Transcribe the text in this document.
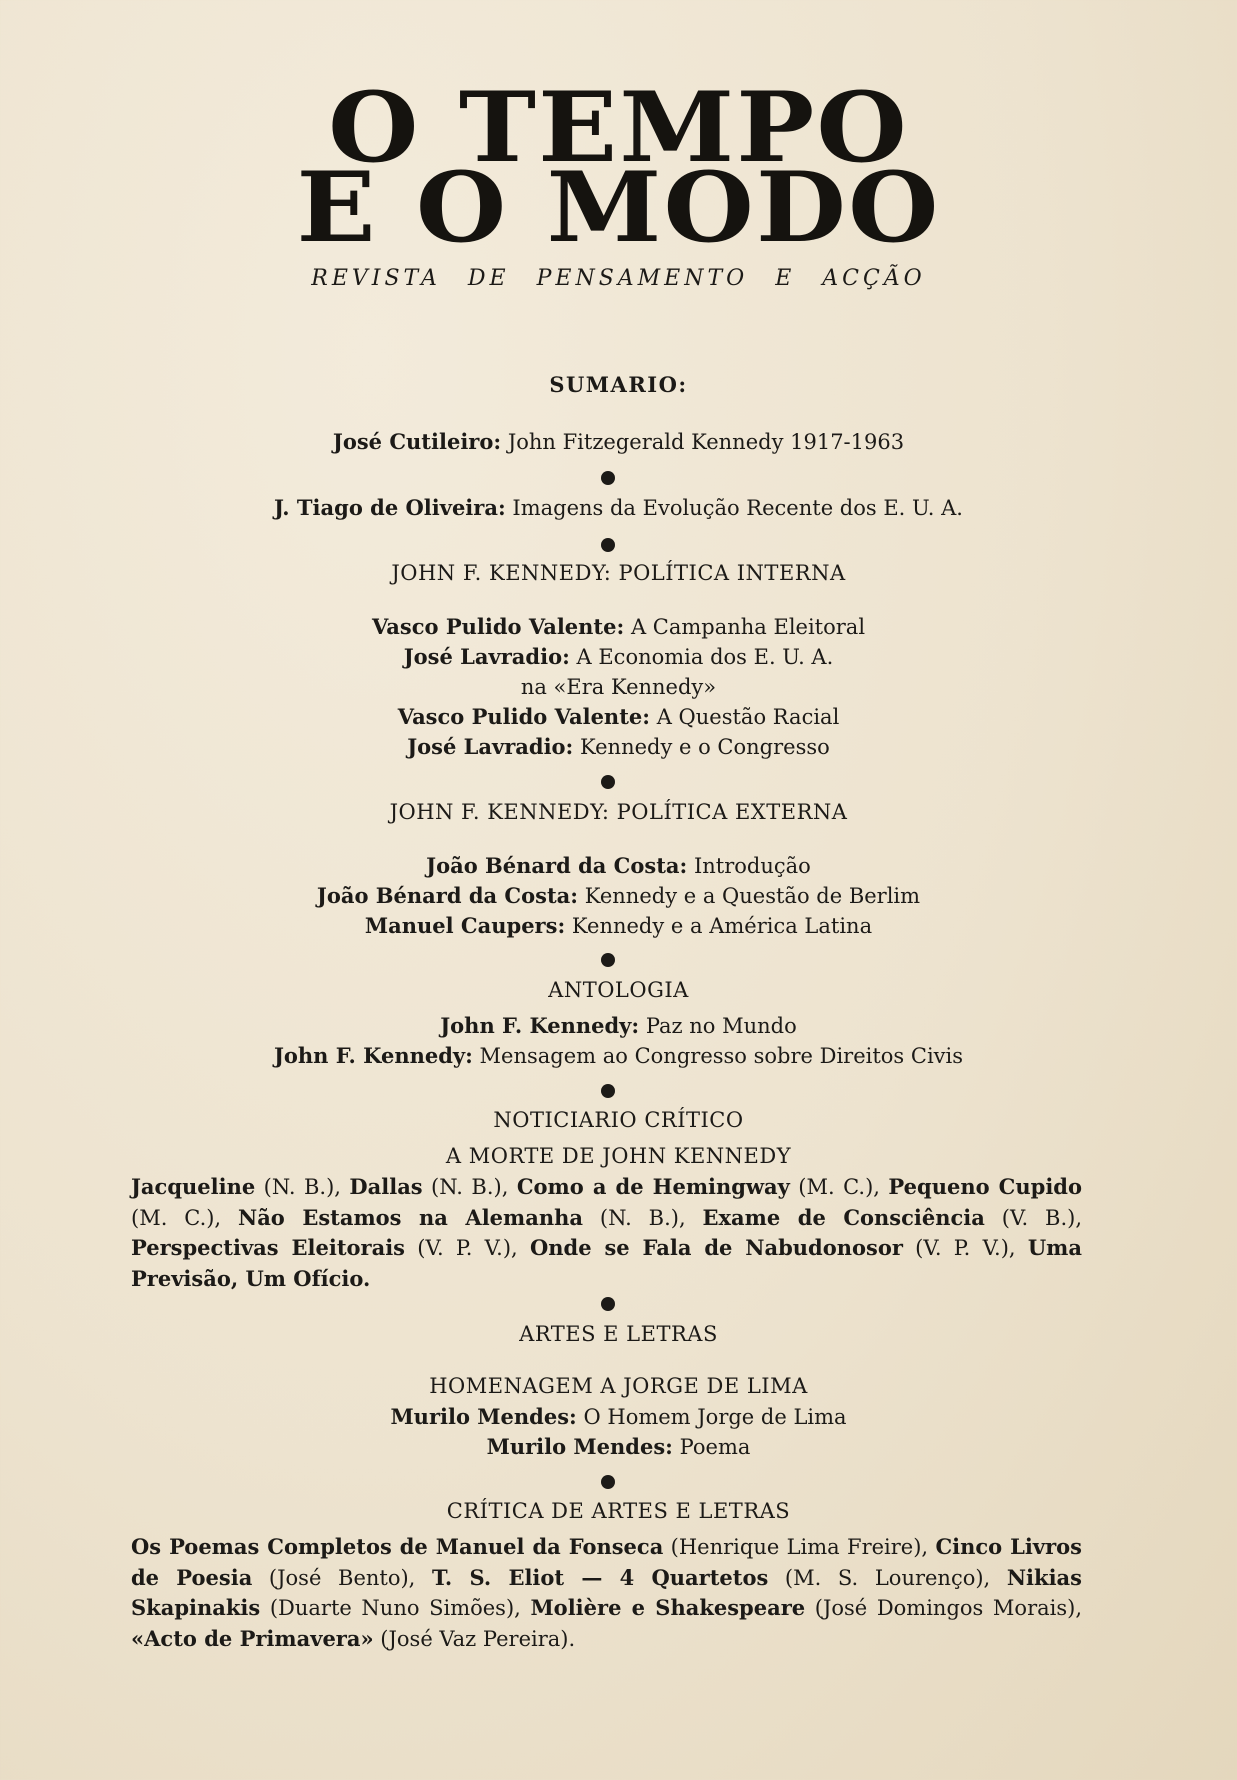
O TEMPO
E O MODO
REVISTA DE PENSAMENTO E ACÇÃO
SUMARIO:
José Cutileiro: John Fitzegerald Kennedy 1917-1963
J. Tiago de Oliveira: Imagens da Evolução Recente dos E. U. A.
JOHN F. KENNEDY: POLÍTICA INTERNA
Vasco Pulido Valente: A Campanha Eleitoral
José Lavradio: A Economia dos E. U. A.
na «Era Kennedy»
Vasco Pulido Valente: A Questão Racial
José Lavradio: Kennedy e o Congresso
JOHN F. KENNEDY: POLÍTICA EXTERNA
João Bénard da Costa: Introdução
João Bénard da Costa: Kennedy e a Questão de Berlim
Manuel Caupers: Kennedy e a América Latina
ANTOLOGIA
John F. Kennedy: Paz no Mundo
John F. Kennedy: Mensagem ao Congresso sobre Direitos Civis
NOTICIARIO CRÍTICO
A MORTE DE JOHN KENNEDY
Jacqueline (N. B.), Dallas (N. B.), Como a de Hemingway (M. C.), Pequeno Cupido (M. C.), Não Estamos na Alemanha (N. B.), Exame de Consciência (V. B.), Perspectivas Eleitorais (V. P. V.), Onde se Fala de Nabudonosor (V. P. V.), Uma Previsão, Um Ofício.
ARTES E LETRAS
HOMENAGEM A JORGE DE LIMA
Murilo Mendes: O Homem Jorge de Lima
Murilo Mendes: Poema
CRÍTICA DE ARTES E LETRAS
Os Poemas Completos de Manuel da Fonseca (Henrique Lima Freire), Cinco Livros de Poesia (José Bento), T. S. Eliot — 4 Quartetos (M. S. Lourenço), Nikias Skapinakis (Duarte Nuno Simões), Molière e Shakespeare (José Domingos Morais), «Acto de Primavera» (José Vaz Pereira).
